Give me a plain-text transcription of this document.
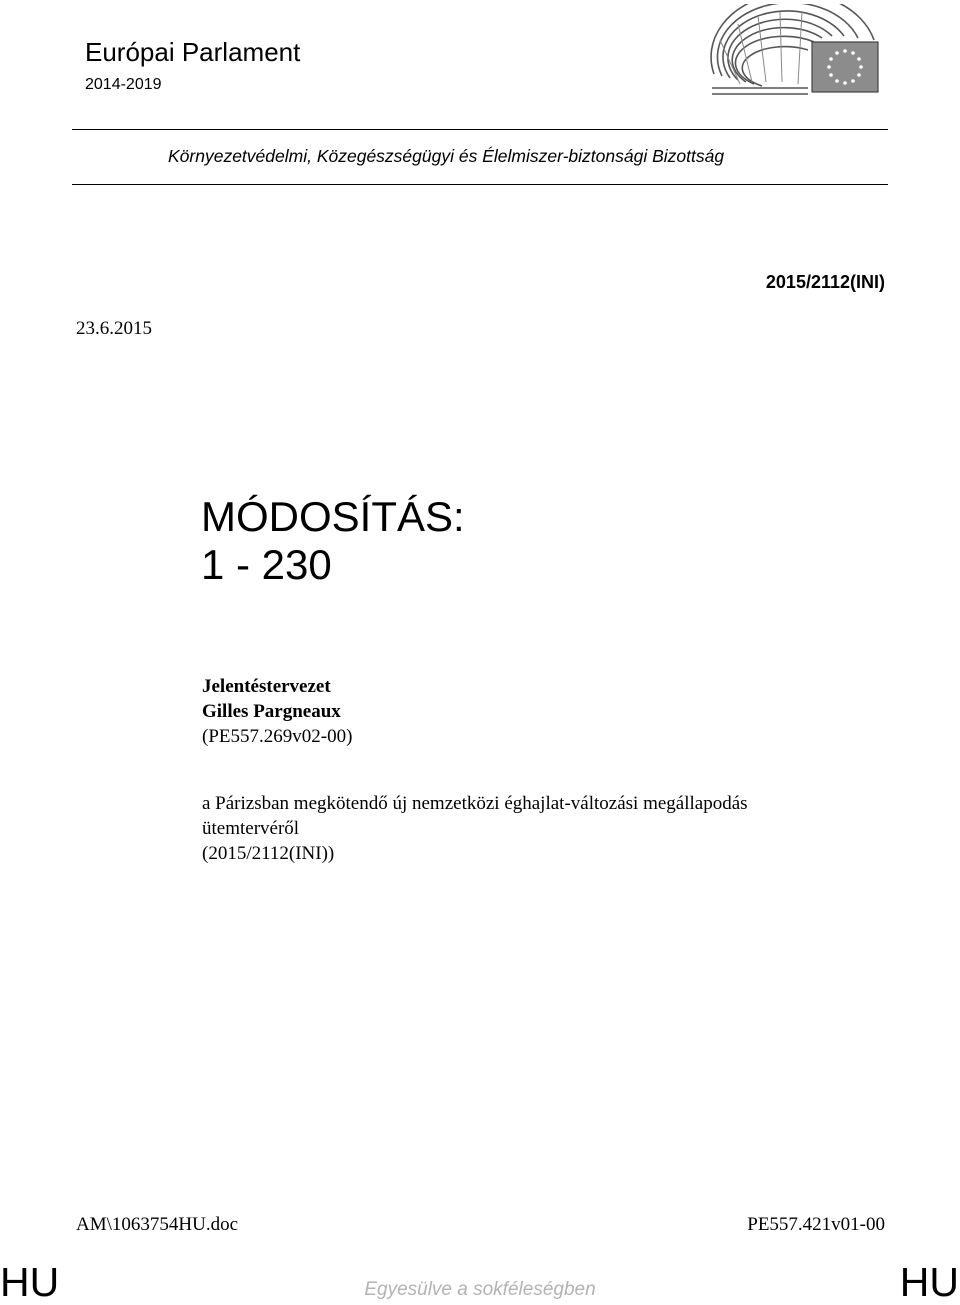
Európai Parlament
2014-2019
Környezetvédelmi, Közegészségügyi és Élelmiszer-biztonsági Bizottság
2015/2112(INI)
23.6.2015
MÓDOSÍTÁS:
1 - 230
Jelentéstervezet
Gilles Pargneaux
(PE557.269v02-00)
a Párizsban megkötendő új nemzetközi éghajlat-változási megállapodás
ütemtervéről
(2015/2112(INI))
AM\1063754HU.doc	PE557.421v01-00
HU	Egyesülve a sokféleségben	HU
